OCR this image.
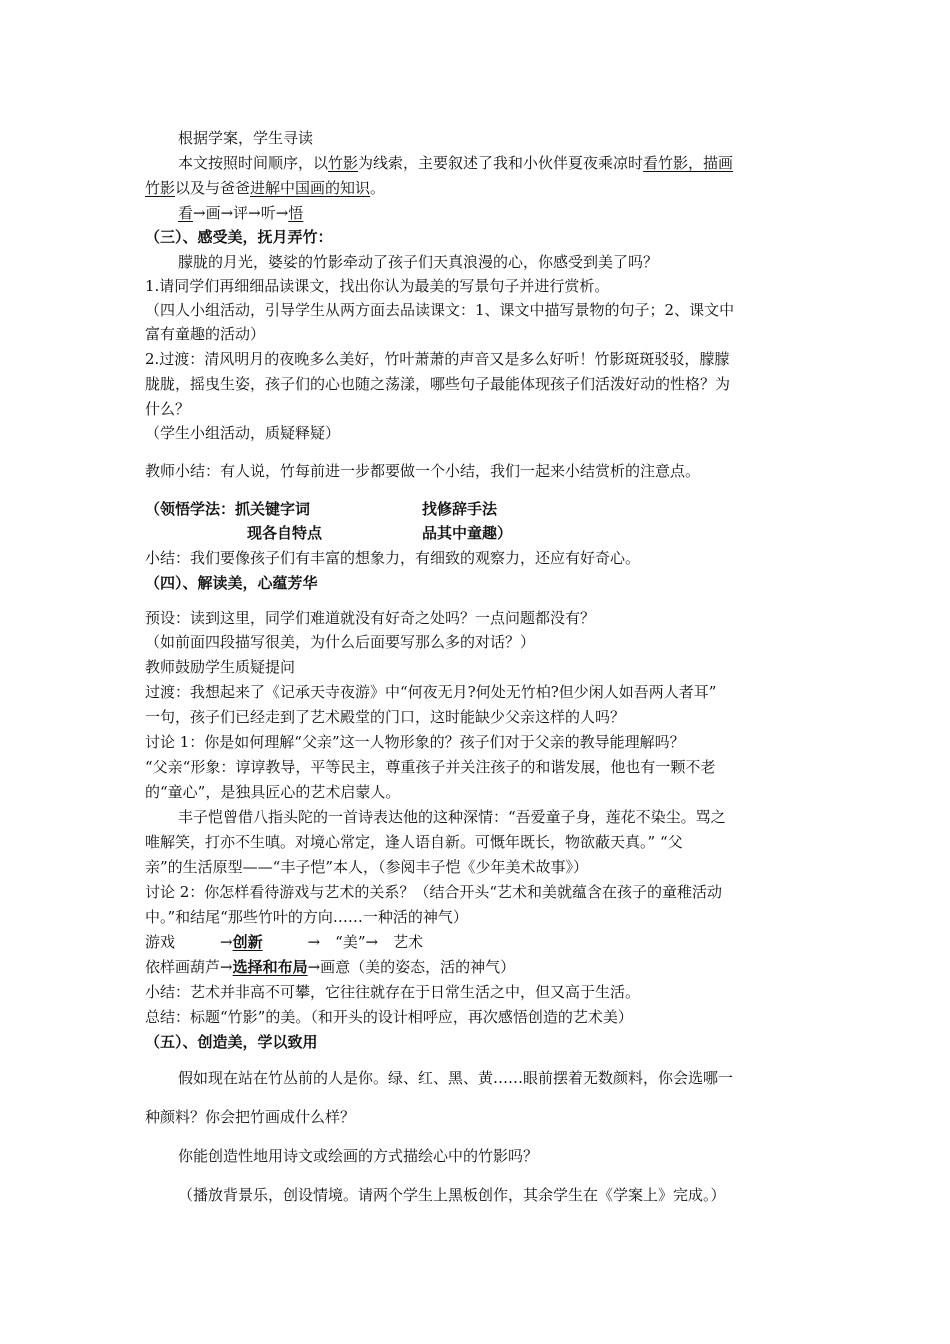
根据学案，学生寻读
本文按照时间顺序，以竹影为线索，主要叙述了我和小伙伴夏夜乘凉时看竹影，描画
竹影以及与爸爸进解中国画的知识。
看→画→评→听→悟
（三）、感受美，抚月弄竹：
朦胧的月光，婆娑的竹影牵动了孩子们天真浪漫的心，你感受到美了吗？
1.请同学们再细细品读课文，找出你认为最美的写景句子并进行赏析。
（四人小组活动，引导学生从两方面去品读课文：1、课文中描写景物的句子；2、课文中
富有童趣的活动）
2.过渡：清风明月的夜晚多么美好，竹叶萧萧的声音又是多么好听！竹影斑斑驳驳，朦朦
胧胧，摇曳生姿，孩子们的心也随之荡漾，哪些句子最能体现孩子们活泼好动的性格？为
什么？
（学生小组活动，质疑释疑）
教师小结：有人说，竹每前进一步都要做一个小结，我们一起来小结赏析的注意点。
（领悟学法：抓关键字词	找修辞手法
现各自特点	品其中童趣）
小结：我们要像孩子们有丰富的想象力，有细致的观察力，还应有好奇心。
（四）、解读美，心蕴芳华
预设：读到这里，同学们难道就没有好奇之处吗？一点问题都没有？
（如前面四段描写很美，为什么后面要写那么多的对话？）
教师鼓励学生质疑提问
过渡：我想起来了《记承天寺夜游》中“何夜无月?何处无竹柏?但少闲人如吾两人者耳”
一句，孩子们已经走到了艺术殿堂的门口，这时能缺少父亲这样的人吗？
讨论 1：你是如何理解“父亲”这一人物形象的？孩子们对于父亲的教导能理解吗？
“父亲“形象：谆谆教导，平等民主，尊重孩子并关注孩子的和谐发展，他也有一颗不老
的“童心”，是独具匠心的艺术启蒙人。
丰子恺曾借八指头陀的一首诗表达他的这种深情：“吾爱童子身，莲花不染尘。骂之
唯解笑，打亦不生嗔。对境心常定，逢人语自新。可慨年既长，物欲蔽天真。” “父
亲”的生活原型——“丰子恺”本人，（参阅丰子恺《少年美术故事》）
讨论 2：你怎样看待游戏与艺术的关系？（结合开头“艺术和美就蕴含在孩子的童稚活动
中。”和结尾“那些竹叶的方向……一种活的神气）
游戏　　　→创新　　　→　“美”→　艺术
依样画葫芦→选择和布局→画意（美的姿态，活的神气）
小结：艺术并非高不可攀，它往往就存在于日常生活之中，但又高于生活。
总结：标题“竹影”的美。（和开头的设计相呼应，再次感悟创造的艺术美）
（五）、创造美，学以致用
假如现在站在竹丛前的人是你。绿、红、黑、黄……眼前摆着无数颜料，你会选哪一
种颜料？你会把竹画成什么样？
你能创造性地用诗文或绘画的方式描绘心中的竹影吗？
（播放背景乐，创设情境。请两个学生上黑板创作，其余学生在《学案上》完成。）
